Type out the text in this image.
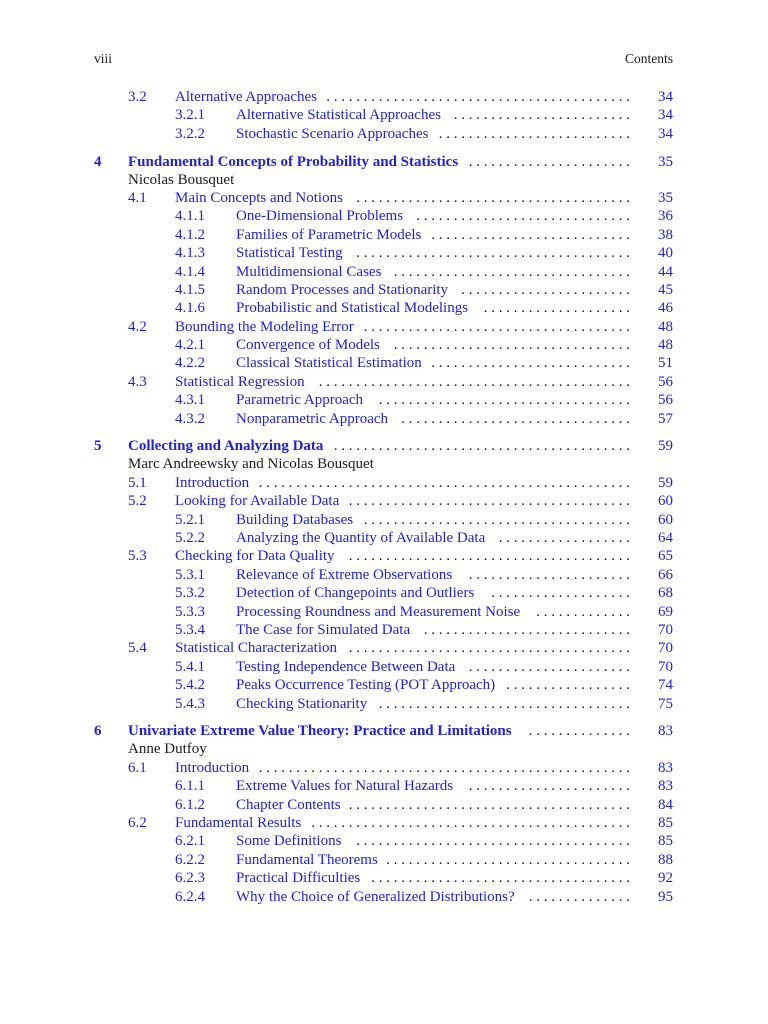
viii	Contents
3.2 Alternative Approaches . . . . . . . . . . . . . . . . . . . . . . . . . . . . . . . . . . . . . . . . . 34
3.2.1 Alternative Statistical Approaches . . . . . . . . . . . . . . . . . . . . . . . . 34
3.2.2 Stochastic Scenario Approaches . . . . . . . . . . . . . . . . . . . . . . . . . . 34
4 Fundamental Concepts of Probability and Statistics . . . . . . . . . . . . . . . . . . . . . . 35
Nicolas Bousquet
4.1 Main Concepts and Notions . . . . . . . . . . . . . . . . . . . . . . . . . . . . . . . . . . . . . 35
4.1.1 One-Dimensional Problems . . . . . . . . . . . . . . . . . . . . . . . . . . . . . 36
4.1.2 Families of Parametric Models . . . . . . . . . . . . . . . . . . . . . . . . . . . 38
4.1.3 Statistical Testing . . . . . . . . . . . . . . . . . . . . . . . . . . . . . . . . . . . . . 40
4.1.4 Multidimensional Cases . . . . . . . . . . . . . . . . . . . . . . . . . . . . . . . . 44
4.1.5 Random Processes and Stationarity . . . . . . . . . . . . . . . . . . . . . . . 45
4.1.6 Probabilistic and Statistical Modelings	. . . . . . . . . . . . . . . . . . . . 46
4.2 Bounding the Modeling Error . . . . . . . . . . . . . . . . . . . . . . . . . . . . . . . . . . . . 48
4.2.1 Convergence of Models . . . . . . . . . . . . . . . . . . . . . . . . . . . . . . . . 48
4.2.2 Classical Statistical Estimation . . . . . . . . . . . . . . . . . . . . . . . . . . . 51
4.3 Statistical Regression . . . . . . . . . . . . . . . . . . . . . . . . . . . . . . . . . . . . . . . . . . 56
4.3.1 Parametric Approach	. . . . . . . . . . . . . . . . . . . . . . . . . . . . . . . . . . 56
4.3.2 Nonparametric Approach . . . . . . . . . . . . . . . . . . . . . . . . . . . . . . . 57
5 Collecting and Analyzing Data . . . . . . . . . . . . . . . . . . . . . . . . . . . . . . . . . . . . . . . . 59
Marc Andreewsky and Nicolas Bousquet
5.1 Introduction . . . . . . . . . . . . . . . . . . . . . . . . . . . . . . . . . . . . . . . . . . . . . . . . . . 59
5.2 Looking for Available Data . . . . . . . . . . . . . . . . . . . . . . . . . . . . . . . . . . . . . . 60
5.2.1 Building Databases . . . . . . . . . . . . . . . . . . . . . . . . . . . . . . . . . . . . 60
5.2.2 Analyzing the Quantity of Available Data . . . . . . . . . . . . . . . . . . 64
5.3 Checking for Data Quality . . . . . . . . . . . . . . . . . . . . . . . . . . . . . . . . . . . . . . 65
5.3.1 Relevance of Extreme Observations	. . . . . . . . . . . . . . . . . . . . . . 66
5.3.2 Detection of Changepoints and Outliers	. . . . . . . . . . . . . . . . . . . 68
5.3.3 Processing Roundness and Measurement Noise	. . . . . . . . . . . . . 69
5.3.4 The Case for Simulated Data . . . . . . . . . . . . . . . . . . . . . . . . . . . . 70
5.4 Statistical Characterization . . . . . . . . . . . . . . . . . . . . . . . . . . . . . . . . . . . . . . 70
5.4.1 Testing Independence Between Data . . . . . . . . . . . . . . . . . . . . . . 70
5.4.2 Peaks Occurrence Testing (POT Approach) . . . . . . . . . . . . . . . . . 74
5.4.3 Checking Stationarity . . . . . . . . . . . . . . . . . . . . . . . . . . . . . . . . . . 75
6 Univariate Extreme Value Theory: Practice and Limitations	. . . . . . . . . . . . . . 83
Anne Dutfoy
6.1 Introduction . . . . . . . . . . . . . . . . . . . . . . . . . . . . . . . . . . . . . . . . . . . . . . . . . . 83
6.1.1 Extreme Values for Natural Hazards	. . . . . . . . . . . . . . . . . . . . . . 83
6.1.2 Chapter Contents . . . . . . . . . . . . . . . . . . . . . . . . . . . . . . . . . . . . . . 84
6.2 Fundamental Results . . . . . . . . . . . . . . . . . . . . . . . . . . . . . . . . . . . . . . . . . . . 85
6.2.1 Some Definitions . . . . . . . . . . . . . . . . . . . . . . . . . . . . . . . . . . . . . 85
6.2.2 Fundamental Theorems . . . . . . . . . . . . . . . . . . . . . . . . . . . . . . . . . 88
6.2.3 Practical Difficulties . . . . . . . . . . . . . . . . . . . . . . . . . . . . . . . . . . . 92
6.2.4 Why the Choice of Generalized Distributions? . . . . . . . . . . . . . . 95
